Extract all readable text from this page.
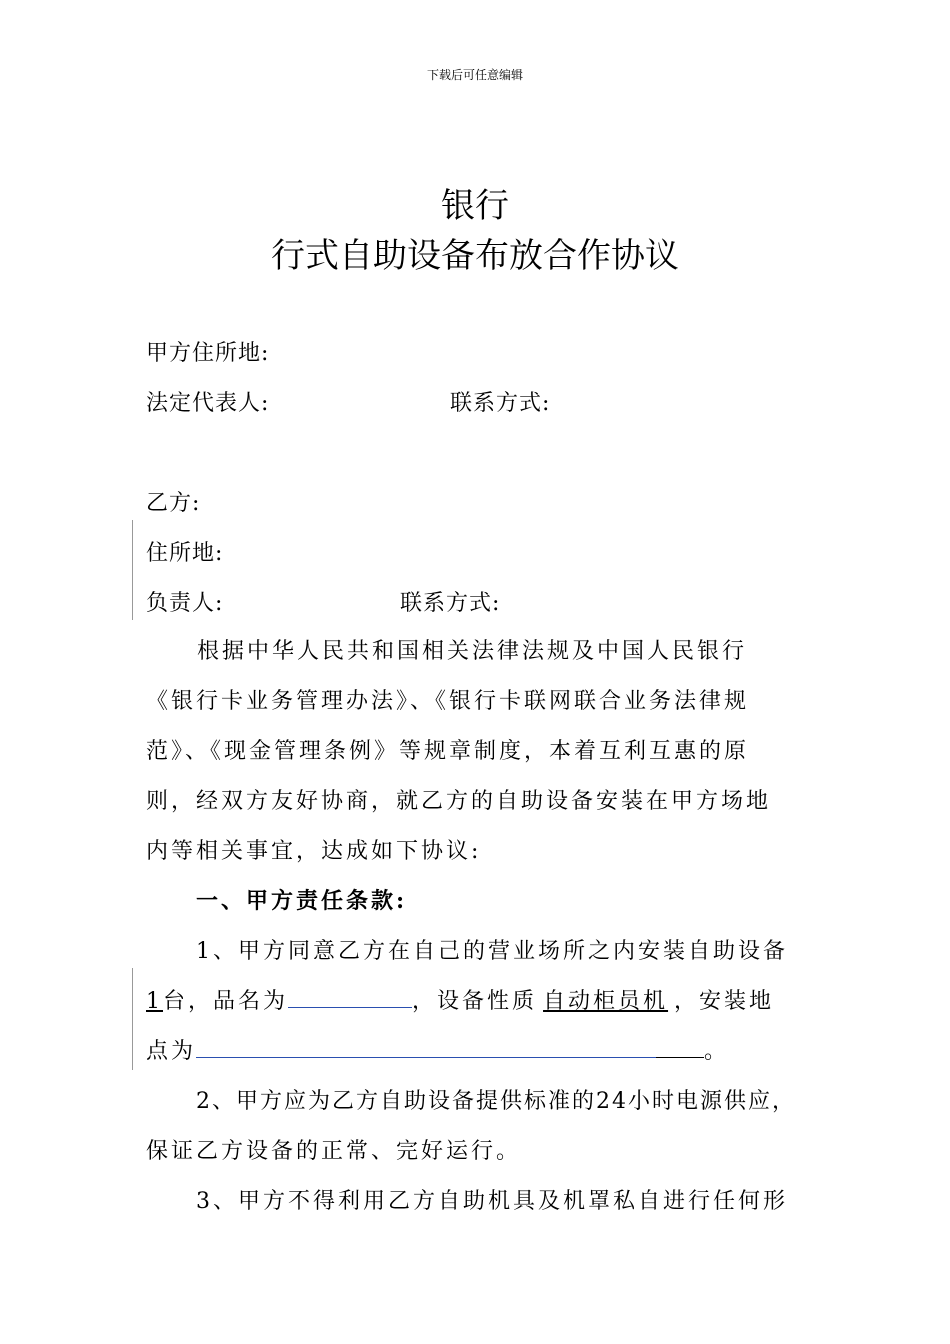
下载后可任意编辑
银行
行式自助设备布放合作协议
甲方住所地:
法定代表人:	联系方式:
乙方:
住所地:
负责人:	联系方式:
　根据中华人民共和国相关法律法规及中国人民银行
《银行卡业务管理办法》、《银行卡联网联合业务法律规
范》、《现金管理条例》等规章制度，本着互利互惠的原
则，经双方友好协商，就乙方的自助设备安装在甲方场地
内等相关事宜，达成如下协议:
一、甲方责任条款:
1、甲方同意乙方在自己的营业场所之内安装自助设备
1台，品名为	，设备性质 自动柜员机 ，安装地
点为	。
2、甲方应为乙方自助设备提供标准的24小时电源供应，
保证乙方设备的正常、完好运行。
3、甲方不得利用乙方自助机具及机罩私自进行任何形
